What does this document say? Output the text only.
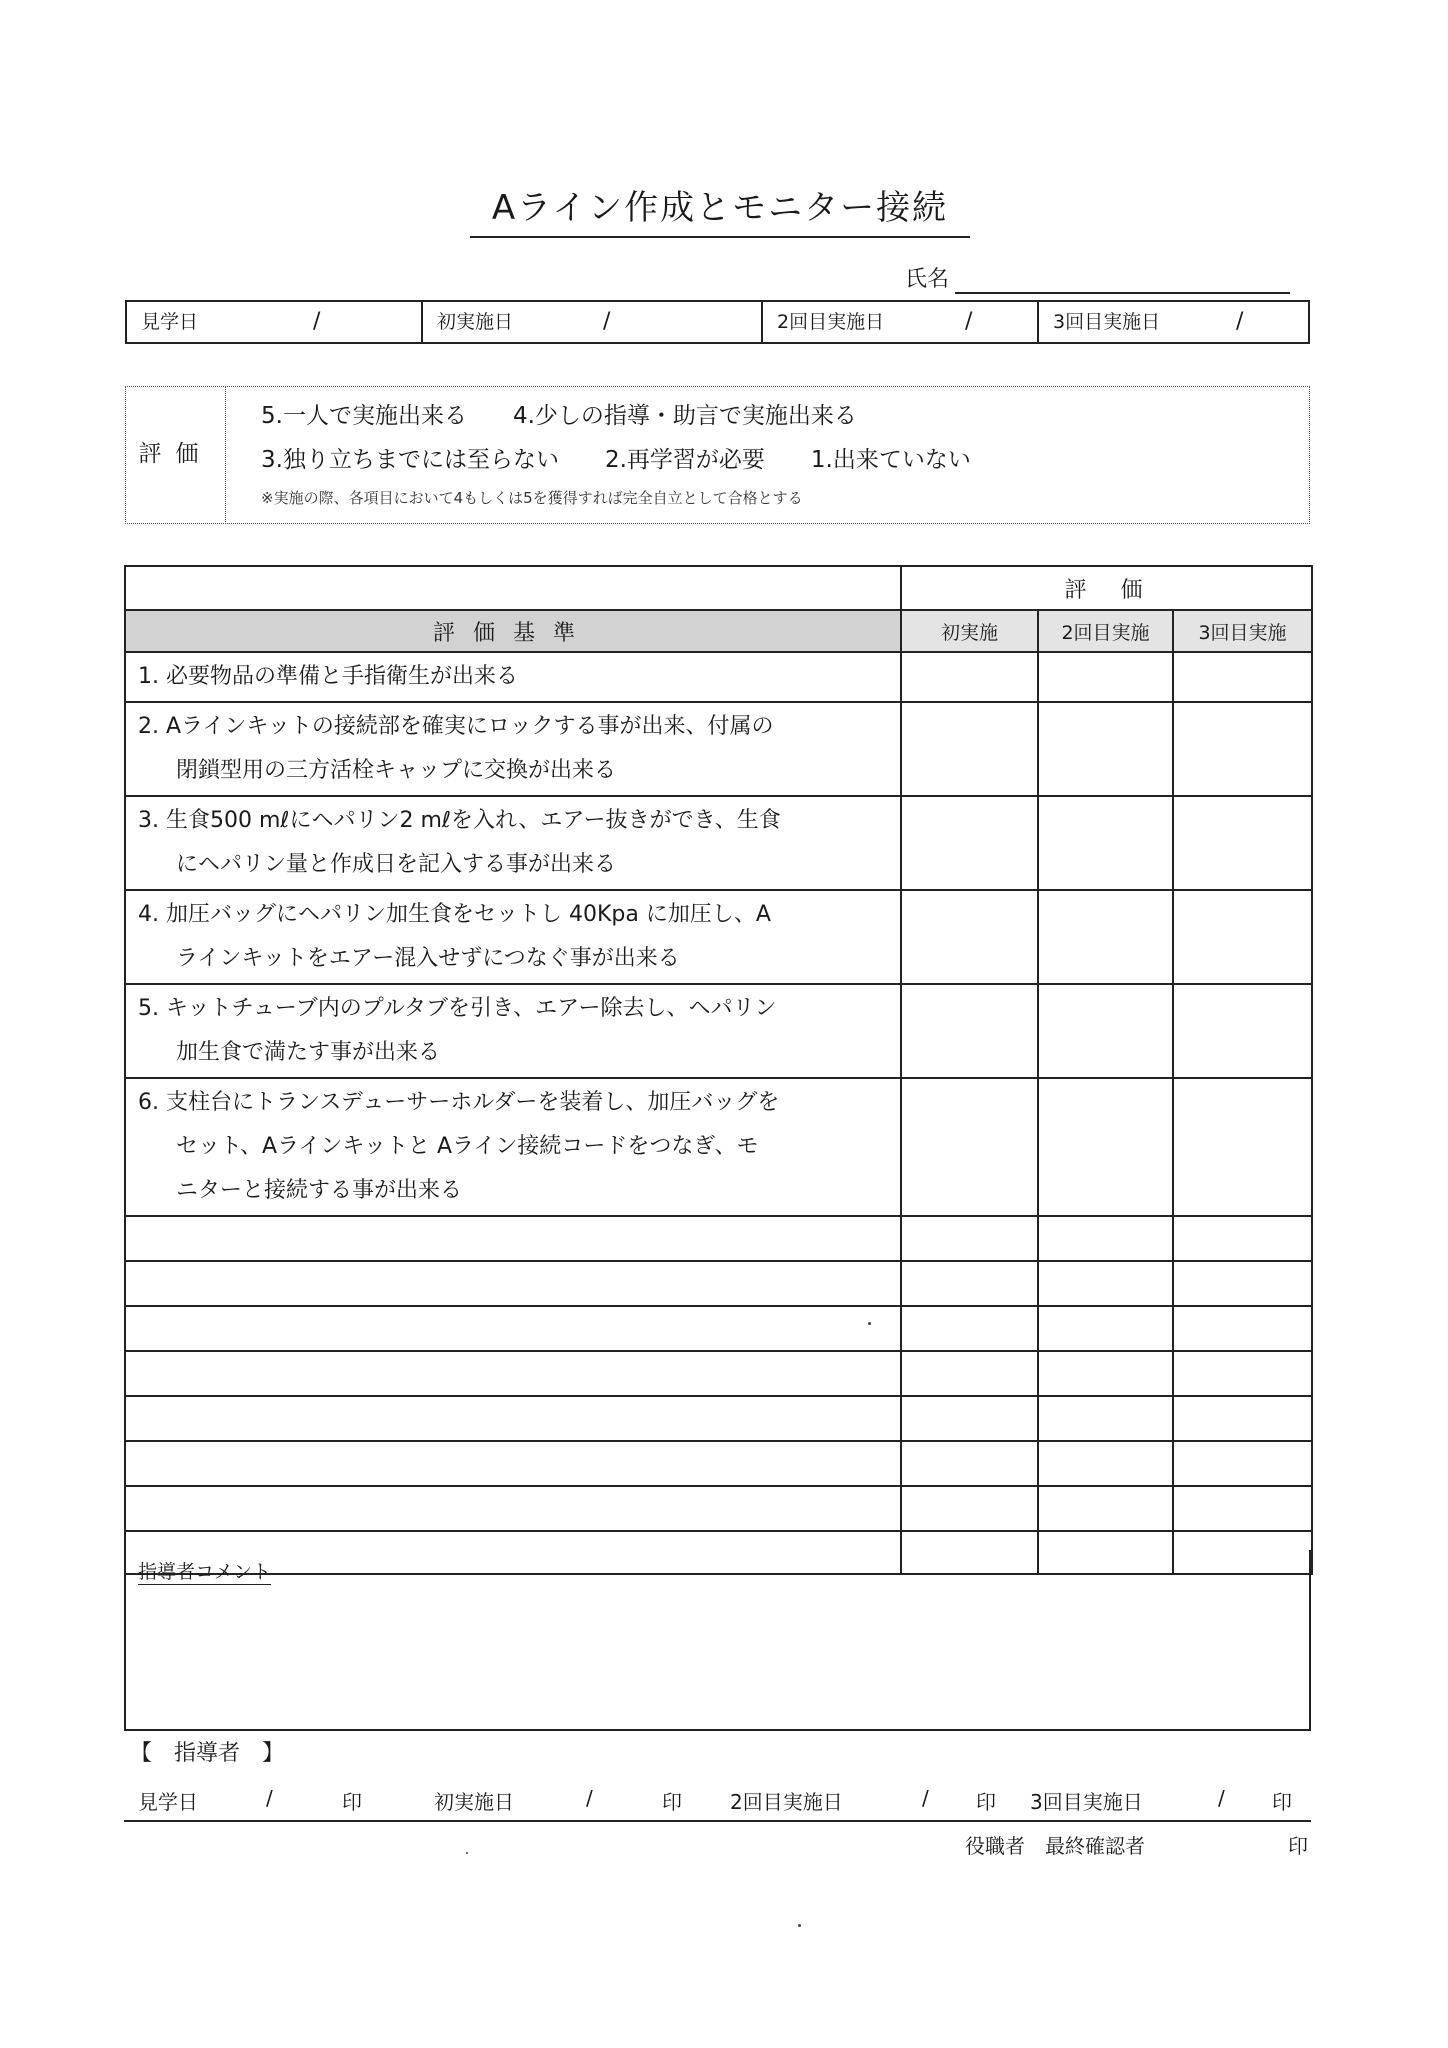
Aライン作成とモニター接続
氏名
見学日	/	初実施日	/	2回目実施日	/	3回目実施日	/
評価
5.一人で実施出来る　　4.少しの指導・助言で実施出来る
3.独り立ちまでには至らない　　2.再学習が必要　　1.出来ていない
※実施の際、各項目において4もしくは5を獲得すれば完全自立として合格とする
	評　価		
評価基準	初実施	2回目実施	3回目実施
1. 必要物品の準備と手指衛生が出来る			
2. Aラインキットの接続部を確実にロックする事が出来、付属の
閉鎖型用の三方活栓キャップに交換が出来る			

3. 生食500 mℓにヘパリン2 mℓを入れ、エアー抜きができ、生食
にヘパリン量と作成日を記入する事が出来る			

4. 加圧バッグにヘパリン加生食をセットし 40Kpa に加圧し、A
ラインキットをエアー混入せずにつなぐ事が出来る			

5. キットチューブ内のプルタブを引き、エアー除去し、ヘパリン
加生食で満たす事が出来る			

6. 支柱台にトランスデューサーホルダーを装着し、加圧バッグを
セット、Aラインキットと Aライン接続コードをつなぎ、モ
ニターと接続する事が出来る			

指導者コメント
【　指導者　】
見学日	/	印	初実施日	/	印 2回目実施日	/ 印 3回目実施日	/ 印
役職者　最終確認者	印
